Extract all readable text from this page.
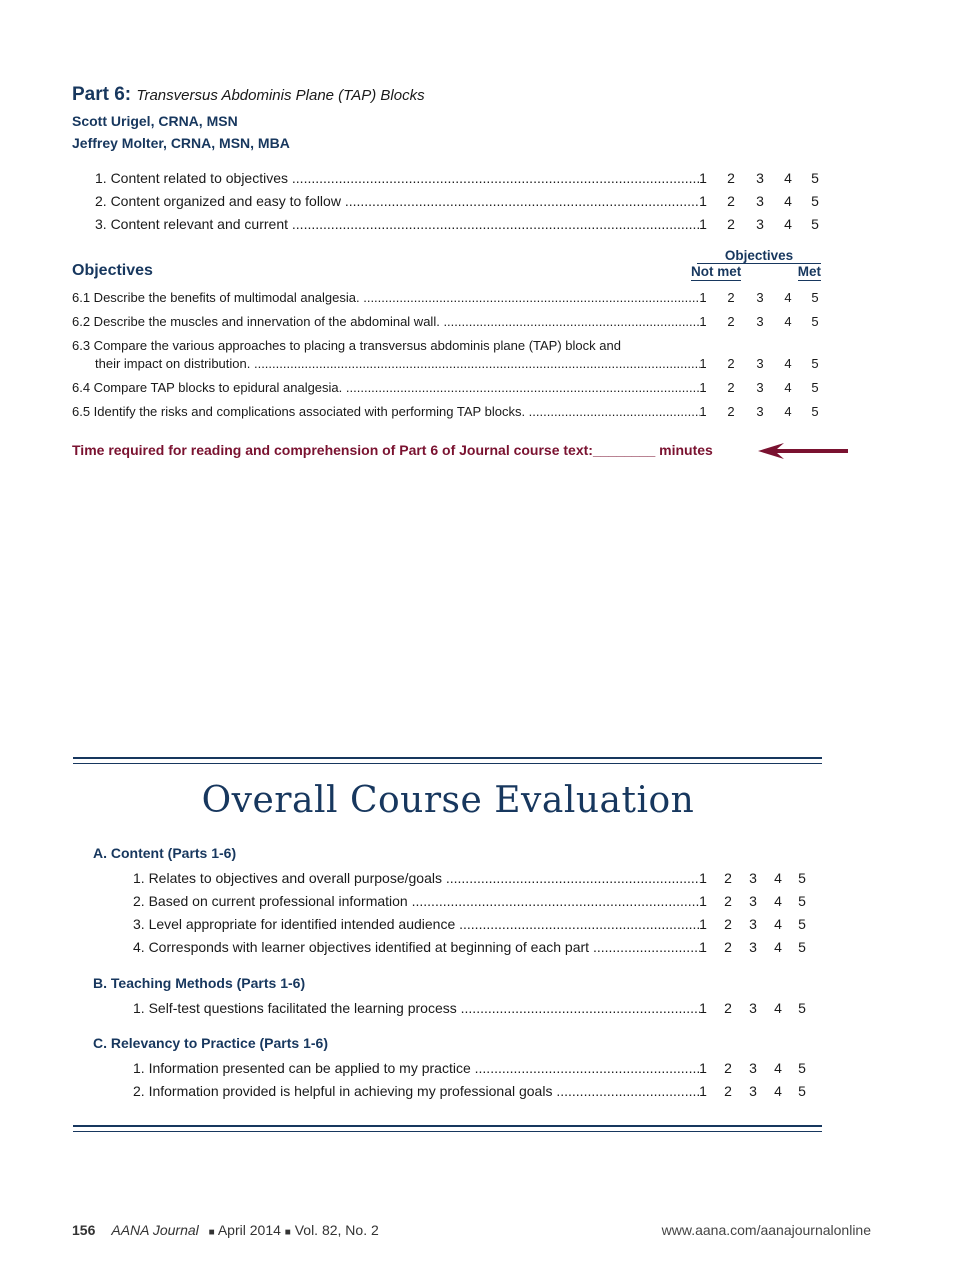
Part 6: Transversus Abdominis Plane (TAP) Blocks
Scott Urigel, CRNA, MSN
Jeffrey Molter, CRNA, MSN, MBA
1. Content related to objectives .....	1 2 3 4 5
2. Content organized and easy to follow .....	1 2 3 4 5
3. Content relevant and current .....	1 2 3 4 5
Objectives
Objectives
Not met	Met
6.1 Describe the benefits of multimodal analgesia. .....	1 2 3 4 5
6.2 Describe the muscles and innervation of the abdominal wall. .....	1 2 3 4 5
6.3 Compare the various approaches to placing a transversus abdominis plane (TAP) block and
their impact on distribution. .....	1 2 3 4 5
6.4 Compare TAP blocks to epidural analgesia. .....	1 2 3 4 5
6.5 Identify the risks and complications associated with performing TAP blocks. .....	1 2 3 4 5
Time required for reading and comprehension of Part 6 of Journal course text:________ minutes
Overall Course Evaluation
A. Content (Parts 1-6)
1. Relates to objectives and overall purpose/goals .....	1 2 3 4 5
2. Based on current professional information .....	1 2 3 4 5
3. Level appropriate for identified intended audience .....	1 2 3 4 5
4. Corresponds with learner objectives identified at beginning of each part .....	1 2 3 4 5
B. Teaching Methods (Parts 1-6)
1. Self-test questions facilitated the learning process .....	1 2 3 4 5
C. Relevancy to Practice (Parts 1-6)
1. Information presented can be applied to my practice .....	1 2 3 4 5
2. Information provided is helpful in achieving my professional goals .....	1 2 3 4 5
156 AANA Journal ■ April 2014 ■ Vol. 82, No. 2	www.aana.com/aanajournalonline
